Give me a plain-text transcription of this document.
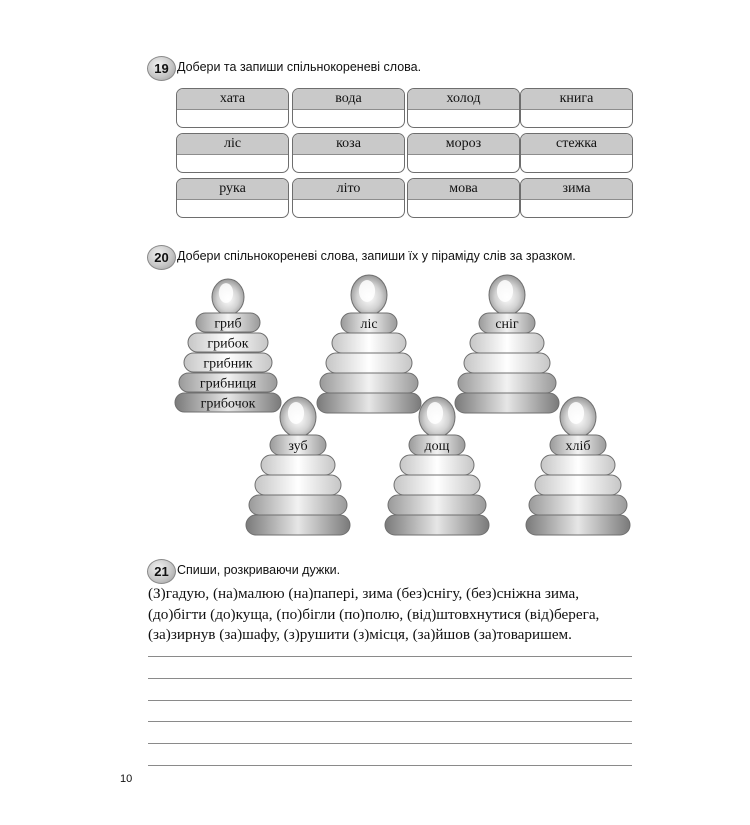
19 Добери та запиши спільнокореневі слова.
хата	вода	холод	книга
ліс	коза	мороз	стежка
рука	літо	мова	зима
20 Добери спільнокореневі слова, запиши їх у піраміду слів за зразком.
гриб
грибок
грибник
грибниця
грибочок
ліс	сніг
зуб	дощ	хліб
21 Спиши, розкриваючи дужки.
(З)гадую, (на)малюю (на)папері, зима (без)снігу, (без)сніжна зима,
(до)бігти (до)куща, (по)бігли (по)полю, (від)штовхнутися (від)берега,
(за)зирнув (за)шафу, (з)рушити (з)місця, (за)йшов (за)товаришем.
10
